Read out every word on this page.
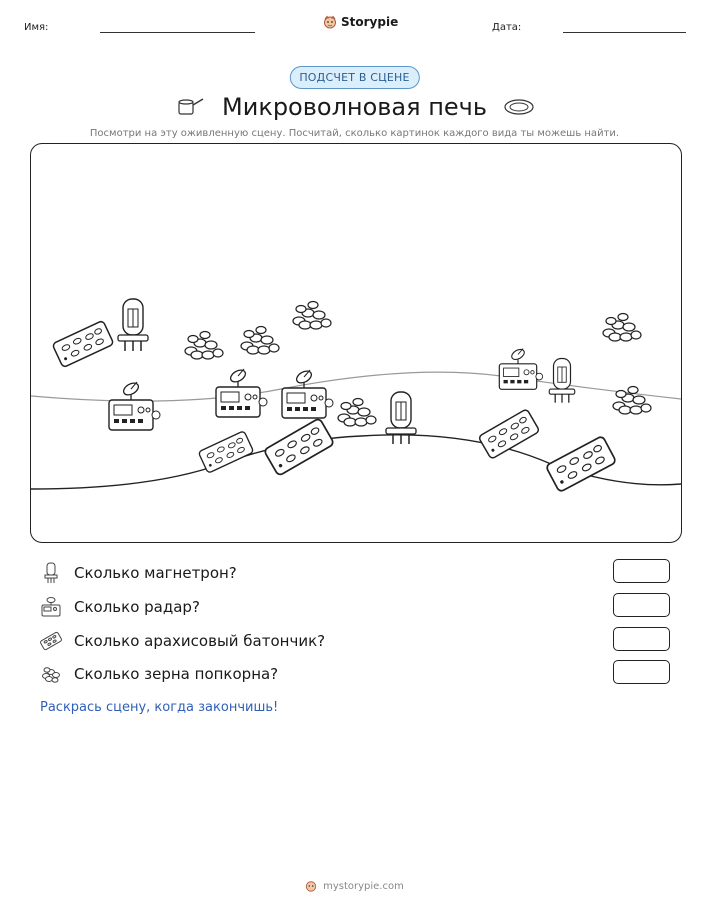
Имя:	Storypie	Дата:
ПОДСЧЕТ В СЦЕНЕ
Микроволновая печь
Посмотри на эту оживленную сцену. Посчитай, сколько картинок каждого вида ты можешь найти.
Сколько магнетрон?
Сколько радар?
Сколько арахисовый батончик?
Сколько зерна попкорна?
Раскрась сцену, когда закончишь!
mystorypie.com
